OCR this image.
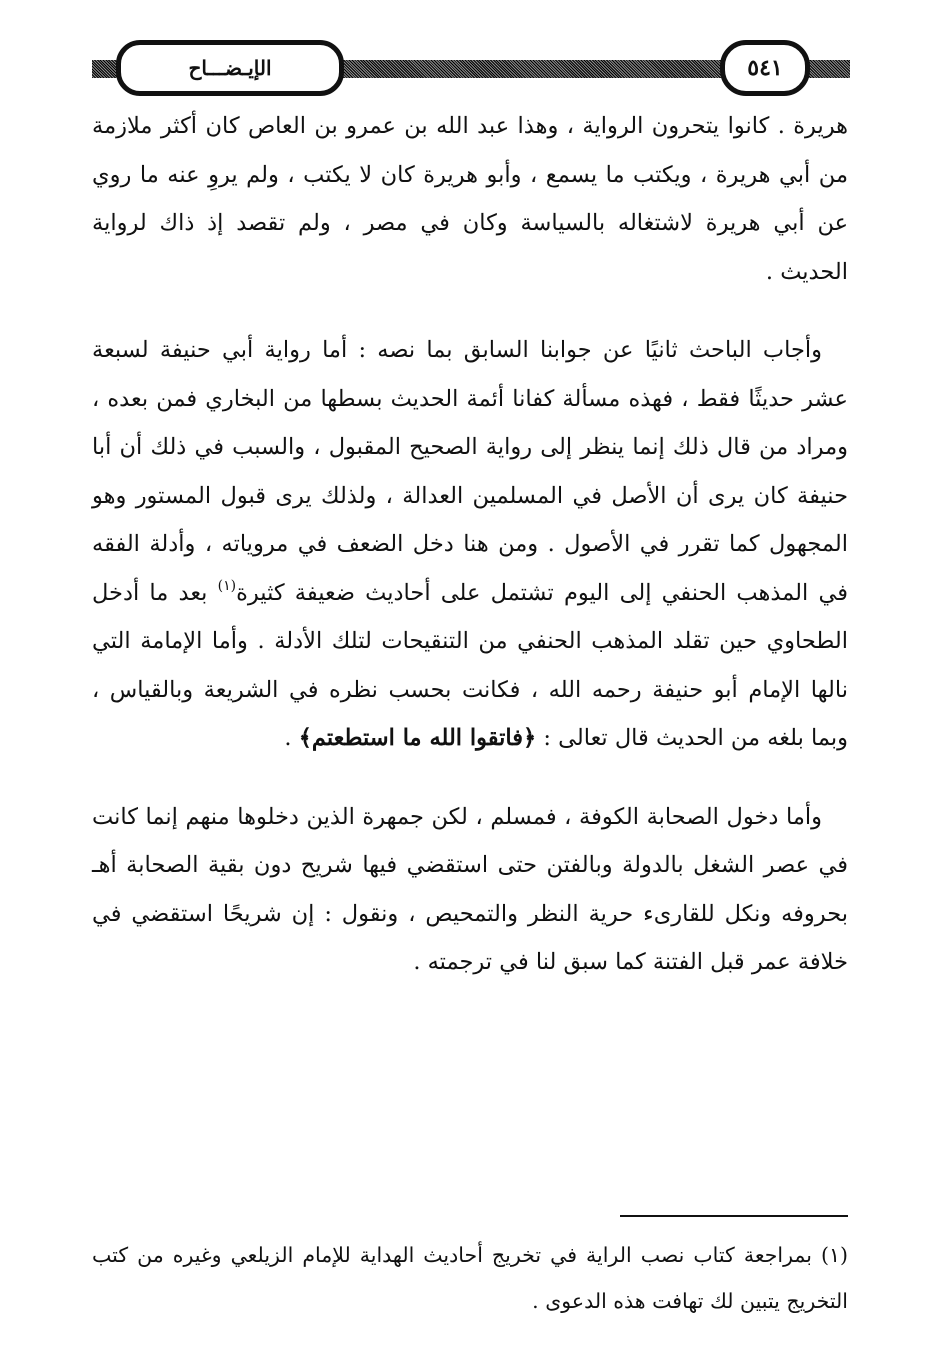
الإيـضـــاح	٥٤١

هريرة . كانوا يتحرون الرواية ، وهذا عبد الله بن عمرو بن العاص كان أكثر ملازمة من أبي هريرة ، ويكتب ما يسمع ، وأبو هريرة كان لا يكتب ، ولم يروِ عنه ما روي عن أبي هريرة لاشتغاله بالسياسة وكان في مصر ، ولم تقصد إذ ذاك لرواية الحديث .

وأجاب الباحث ثانيًا عن جوابنا السابق بما نصه : أما رواية أبي حنيفة لسبعة عشر حديثًا فقط ، فهذه مسألة كفانا أئمة الحديث بسطها من البخاري فمن بعده ، ومراد من قال ذلك إنما ينظر إلى رواية الصحيح المقبول ، والسبب في ذلك أن أبا حنيفة كان يرى أن الأصل في المسلمين العدالة ، ولذلك يرى قبول المستور وهو المجهول كما تقرر في الأصول . ومن هنا دخل الضعف في مروياته ، وأدلة الفقه في المذهب الحنفي إلى اليوم تشتمل على أحاديث ضعيفة كثيرة$^{(١)}$ بعد ما أدخل الطحاوي حين تقلد المذهب الحنفي من التنقيحات لتلك الأدلة . وأما الإمامة التي نالها الإمام أبو حنيفة رحمه الله ، فكانت بحسب نظره في الشريعة وبالقياس ، وبما بلغه من الحديث قال تعالى : ﴿فاتقوا الله ما استطعتم﴾ .

وأما دخول الصحابة الكوفة ، فمسلم ، لكن جمهرة الذين دخلوها منهم إنما كانت في عصر الشغل بالدولة وبالفتن حتى استقضي فيها شريح دون بقية الصحابة أهـ بحروفه ونكل للقارىء حرية النظر والتمحيص ، ونقول : إن شريحًا استقضي في خلافة عمر قبل الفتنة كما سبق لنا في ترجمته .

(١) بمراجعة كتاب نصب الراية في تخريج أحاديث الهداية للإمام الزيلعي وغيره من كتب التخريج يتبين لك تهافت هذه الدعوى .
